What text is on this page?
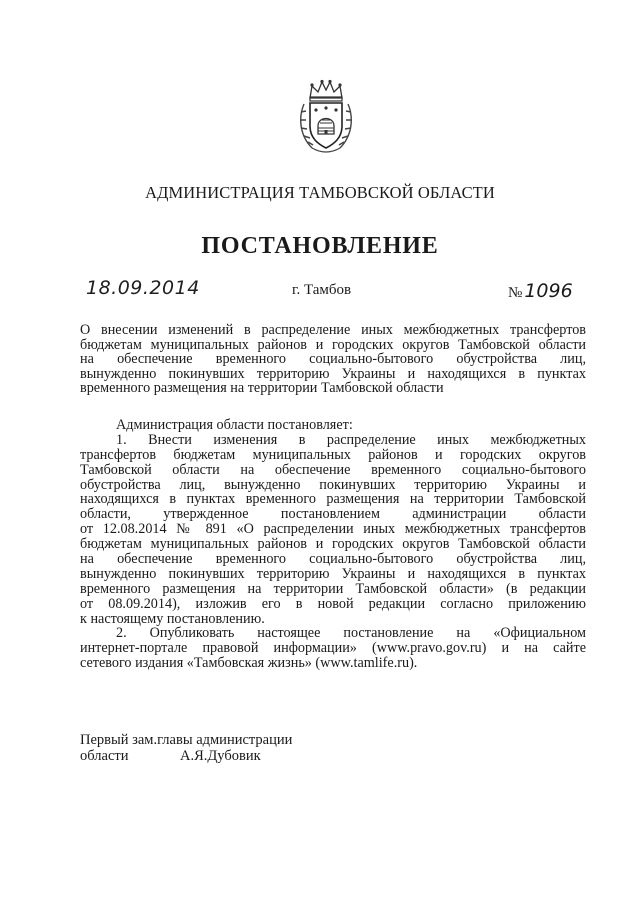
АДМИНИСТРАЦИЯ ТАМБОВСКОЙ ОБЛАСТИ
ПОСТАНОВЛЕНИЕ
18.09.2014	г. Тамбов	№ 1096
О внесении изменений в распределение иных межбюджетных трансфертов
бюджетам муниципальных районов и городских округов Тамбовской области
на обеспечение временного социально-бытового обустройства лиц,
вынужденно покинувших территорию Украины и находящихся в пунктах
временного размещения на территории Тамбовской области
Администрация области постановляет:
1. Внести изменения в распределение иных межбюджетных
трансфертов бюджетам муниципальных районов и городских округов
Тамбовской области на обеспечение временного социально-бытового
обустройства лиц, вынужденно покинувших территорию Украины и
находящихся в пунктах временного размещения на территории Тамбовской
области, утвержденное постановлением администрации области
от 12.08.2014 № 891 «О распределении иных межбюджетных трансфертов
бюджетам муниципальных районов и городских округов Тамбовской области
на обеспечение временного социально-бытового обустройства лиц,
вынужденно покинувших территорию Украины и находящихся в пунктах
временного размещения на территории Тамбовской области» (в редакции
от 08.09.2014), изложив его в новой редакции согласно приложению
к настоящему постановлению.
2. Опубликовать настоящее постановление на «Официальном
интернет-портале правовой информации» (www.pravo.gov.ru) и на сайте
сетевого издания «Тамбовская жизнь» (www.tamlife.ru).
Первый зам.главы администрации
области	А.Я.Дубовик
